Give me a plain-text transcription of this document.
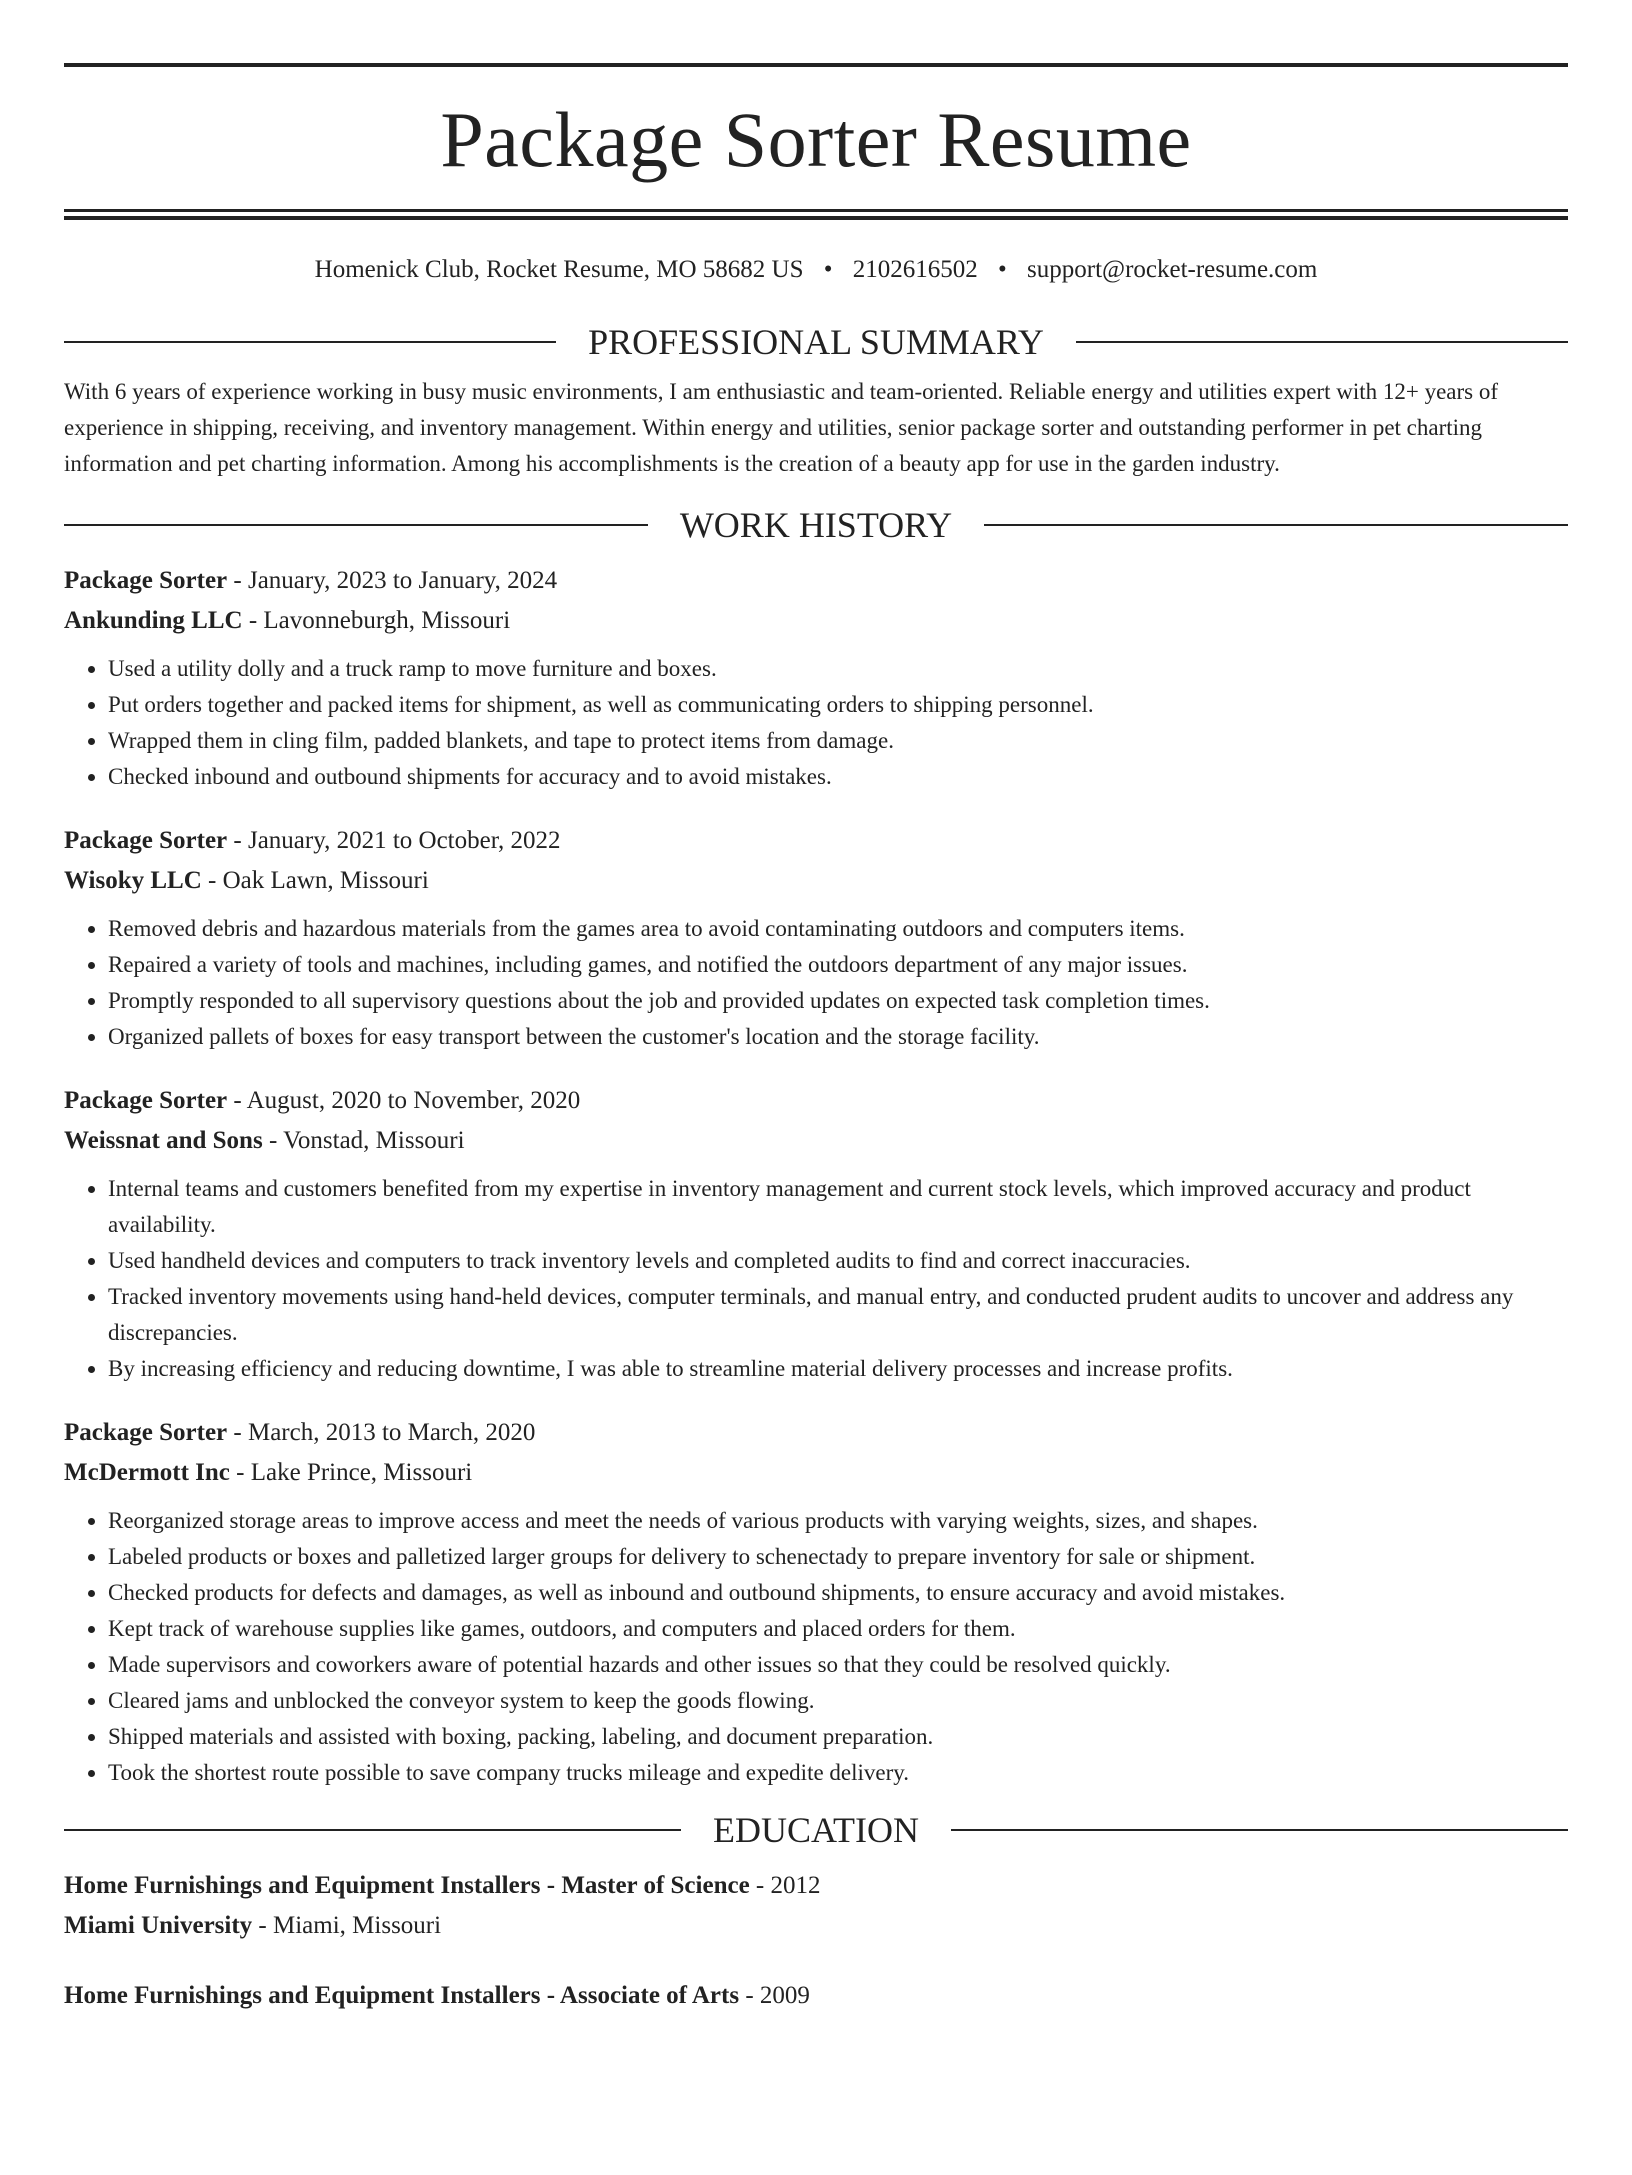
Package Sorter Resume
Homenick Club, Rocket Resume, MO 58682 US • 2102616502 • support@rocket-resume.com
PROFESSIONAL SUMMARY

With 6 years of experience working in busy music environments, I am enthusiastic and team-oriented. Reliable energy and utilities expert with 12+ years of experience in shipping, receiving, and inventory management. Within energy and utilities, senior package sorter and outstanding performer in pet charting information and pet charting information. Among his accomplishments is the creation of a beauty app for use in the garden industry.

WORK HISTORY
Package Sorter - January, 2023 to January, 2024
Ankunding LLC - Lavonneburgh, Missouri
• Used a utility dolly and a truck ramp to move furniture and boxes.
• Put orders together and packed items for shipment, as well as communicating orders to shipping personnel.
• Wrapped them in cling film, padded blankets, and tape to protect items from damage.
• Checked inbound and outbound shipments for accuracy and to avoid mistakes.
Package Sorter - January, 2021 to October, 2022
Wisoky LLC - Oak Lawn, Missouri
• Removed debris and hazardous materials from the games area to avoid contaminating outdoors and computers items.
• Repaired a variety of tools and machines, including games, and notified the outdoors department of any major issues.
• Promptly responded to all supervisory questions about the job and provided updates on expected task completion times.
• Organized pallets of boxes for easy transport between the customer's location and the storage facility.
Package Sorter - August, 2020 to November, 2020
Weissnat and Sons - Vonstad, Missouri
• Internal teams and customers benefited from my expertise in inventory management and current stock levels, which improved accuracy and product availability.
• Used handheld devices and computers to track inventory levels and completed audits to find and correct inaccuracies.
• Tracked inventory movements using hand-held devices, computer terminals, and manual entry, and conducted prudent audits to uncover and address any discrepancies.
• By increasing efficiency and reducing downtime, I was able to streamline material delivery processes and increase profits.
Package Sorter - March, 2013 to March, 2020
McDermott Inc - Lake Prince, Missouri
• Reorganized storage areas to improve access and meet the needs of various products with varying weights, sizes, and shapes.
• Labeled products or boxes and palletized larger groups for delivery to schenectady to prepare inventory for sale or shipment.
• Checked products for defects and damages, as well as inbound and outbound shipments, to ensure accuracy and avoid mistakes.
• Kept track of warehouse supplies like games, outdoors, and computers and placed orders for them.
• Made supervisors and coworkers aware of potential hazards and other issues so that they could be resolved quickly.
• Cleared jams and unblocked the conveyor system to keep the goods flowing.
• Shipped materials and assisted with boxing, packing, labeling, and document preparation.
• Took the shortest route possible to save company trucks mileage and expedite delivery.
EDUCATION
Home Furnishings and Equipment Installers - Master of Science - 2012
Miami University - Miami, Missouri
Home Furnishings and Equipment Installers - Associate of Arts - 2009
